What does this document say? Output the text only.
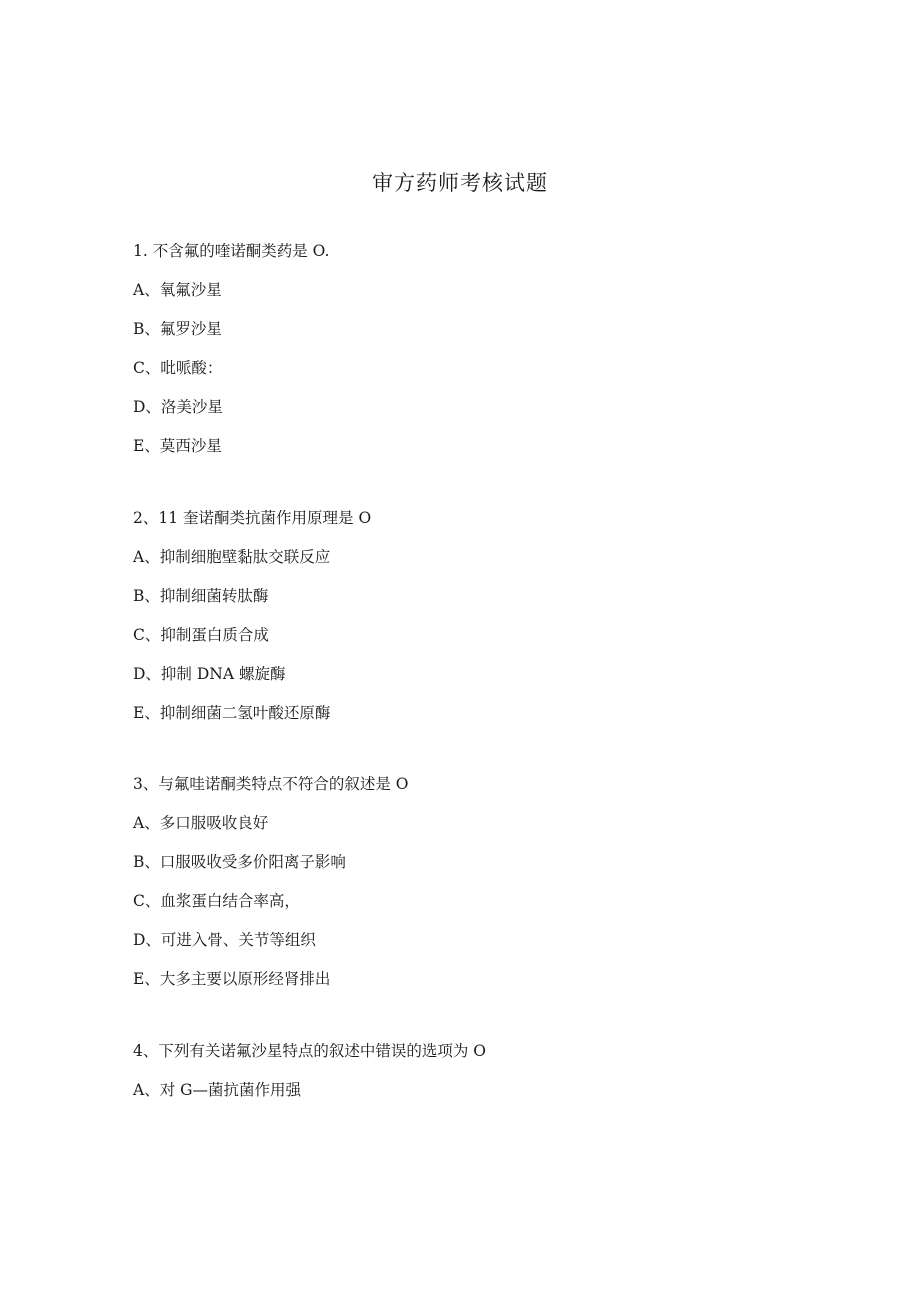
审方药师考核试题
1. 不含氟的喹诺酮类药是 O.
A、氧氟沙星
B、氟罗沙星
C、吡哌酸：
D、洛美沙星
E、莫西沙星
2、11 奎诺酮类抗菌作用原理是 O
A、抑制细胞壁黏肽交联反应
B、抑制细菌转肽酶
C、抑制蛋白质合成
D、抑制 DNA 螺旋酶
E、抑制细菌二氢叶酸还原酶
3、与氟哇诺酮类特点不符合的叙述是 O
A、多口服吸收良好
B、口服吸收受多价阳离子影响
C、血浆蛋白结合率高，
D、可进入骨、关节等组织
E、大多主要以原形经肾排出
4、下列有关诺氟沙星特点的叙述中错误的选项为 O
A、对 G—菌抗菌作用强
